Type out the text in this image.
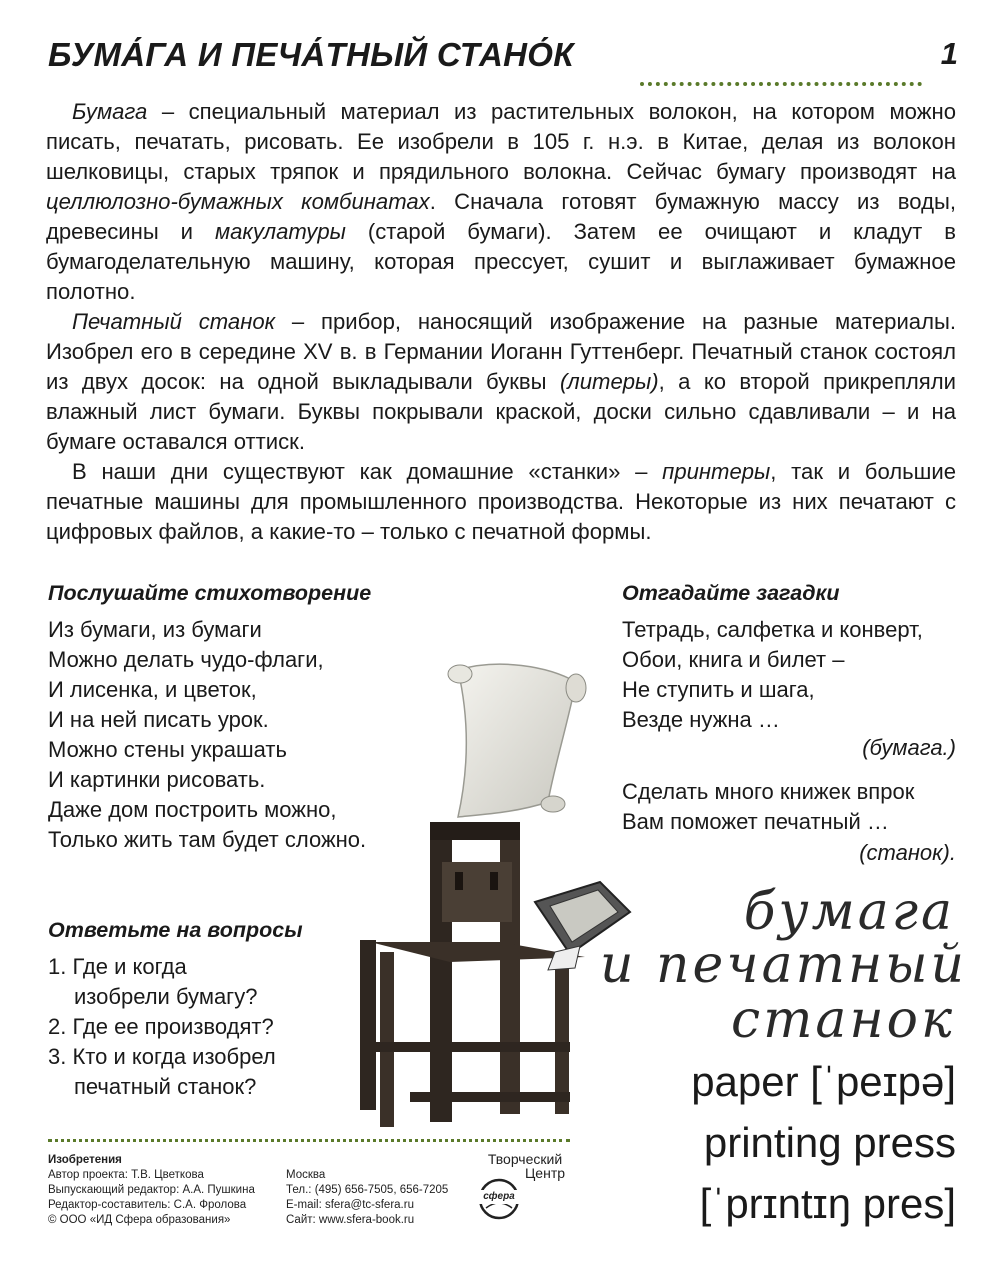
БУМА́ГА И ПЕЧА́ТНЫЙ СТАНО́К	1

Бумага – специальный материал из растительных волокон, на котором можно писать, печатать, рисовать. Ее изобрели в 105 г. н.э. в Китае, делая из волокон шелковицы, старых тряпок и прядильного волокна. Сейчас бумагу производят на целлюлозно-бумажных комбинатах. Сначала готовят бумажную массу из воды, древесины и макулатуры (старой бумаги). Затем ее очищают и кладут в бумагоделательную машину, которая прессует, сушит и выглаживает бумажное полотно.

Печатный станок – прибор, наносящий изображение на разные материалы. Изобрел его в середине XV в. в Германии Иоганн Гуттенберг. Печатный станок состоял из двух досок: на одной выкладывали буквы (литеры), а ко второй прикрепляли влажный лист бумаги. Буквы покрывали краской, доски сильно сдавливали – и на бумаге оставался оттиск.

В наши дни существуют как домашние «станки» – принтеры, так и большие печатные машины для промышленного производства. Некоторые из них печатают с цифровых файлов, а какие-то – только с печатной формы.

Послушайте стихотворение
Из бумаги, из бумаги
Можно делать чудо-флаги,
И лисенка, и цветок,
И на ней писать урок.
Можно стены украшать
И картинки рисовать.
Даже дом построить можно,
Только жить там будет сложно.
Отгадайте загадки
Тетрадь, салфетка и конверт,
Обои, книга и билет –
Не ступить и шага,
Везде нужна …
(бумага.)
Сделать много книжек впрок
Вам поможет печатный …
(станок).
Ответьте на вопросы
1. Где и когда
изобрели бумагу?
2. Где ее производят?
3. Кто и когда изобрел
печатный станок?
бумага
и печатный
станок
paper [ˈpeɪpə]
printing press
[ˈprɪntɪŋ pres]
Изобретения
Автор проекта: Т.В. Цветкова
Выпускающий редактор: А.А. Пушкина
Редактор-составитель: С.А. Фролова
© ООО «ИД Сфера образования»
Москва
Тел.: (495) 656-7505, 656-7205
E-mail: sfera@tc-sfera.ru
Сайт: www.sfera-book.ru
Творческий
Центр
сфера
